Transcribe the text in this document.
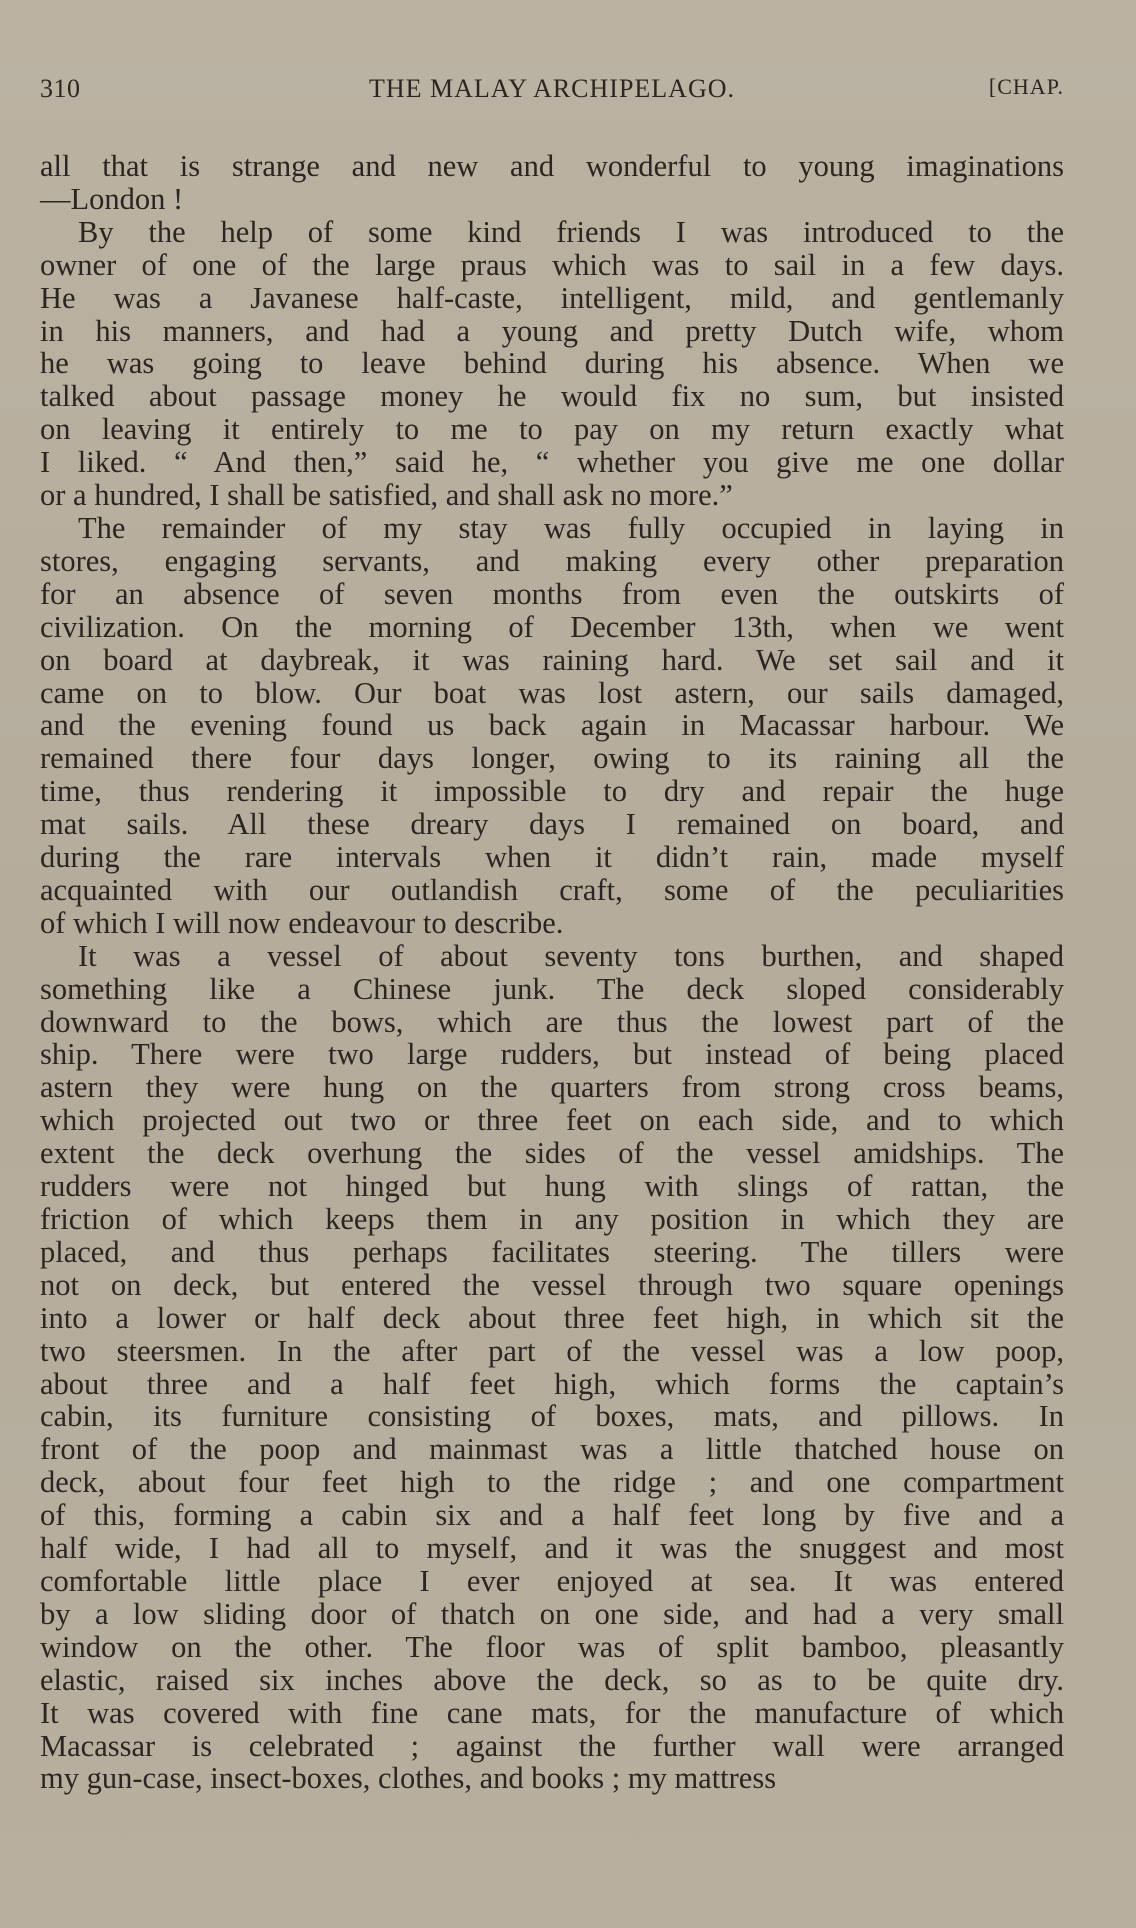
310	THE MALAY ARCHIPELAGO.	[CHAP.

all that is strange and new and wonderful to young imaginations
—London !

By the help of some kind friends I was introduced to the
owner of one of the large praus which was to sail in a few days.
He was a Javanese half-caste, intelligent, mild, and gentlemanly
in his manners, and had a young and pretty Dutch wife, whom
he was going to leave behind during his absence. When we
talked about passage money he would fix no sum, but insisted
on leaving it entirely to me to pay on my return exactly what
I liked. “ And then,” said he, “ whether you give me one dollar
or a hundred, I shall be satisfied, and shall ask no more.”

The remainder of my stay was fully occupied in laying in
stores, engaging servants, and making every other preparation
for an absence of seven months from even the outskirts of
civilization. On the morning of December 13th, when we went
on board at daybreak, it was raining hard. We set sail and it
came on to blow. Our boat was lost astern, our sails damaged,
and the evening found us back again in Macassar harbour. We
remained there four days longer, owing to its raining all the
time, thus rendering it impossible to dry and repair the huge
mat sails. All these dreary days I remained on board, and
during the rare intervals when it didn’t rain, made myself
acquainted with our outlandish craft, some of the peculiarities
of which I will now endeavour to describe.

It was a vessel of about seventy tons burthen, and shaped
something like a Chinese junk. The deck sloped considerably
downward to the bows, which are thus the lowest part of the
ship. There were two large rudders, but instead of being placed
astern they were hung on the quarters from strong cross beams,
which projected out two or three feet on each side, and to which
extent the deck overhung the sides of the vessel amidships. The
rudders were not hinged but hung with slings of rattan, the
friction of which keeps them in any position in which they are
placed, and thus perhaps facilitates steering. The tillers were
not on deck, but entered the vessel through two square openings
into a lower or half deck about three feet high, in which sit the
two steersmen. In the after part of the vessel was a low poop,
about three and a half feet high, which forms the captain’s
cabin, its furniture consisting of boxes, mats, and pillows. In
front of the poop and mainmast was a little thatched house on
deck, about four feet high to the ridge ; and one compartment
of this, forming a cabin six and a half feet long by five and a
half wide, I had all to myself, and it was the snuggest and most
comfortable little place I ever enjoyed at sea. It was entered
by a low sliding door of thatch on one side, and had a very small
window on the other. The floor was of split bamboo, pleasantly
elastic, raised six inches above the deck, so as to be quite dry.
It was covered with fine cane mats, for the manufacture of which
Macassar is celebrated ; against the further wall were arranged
my gun-case, insect-boxes, clothes, and books ; my mattress
